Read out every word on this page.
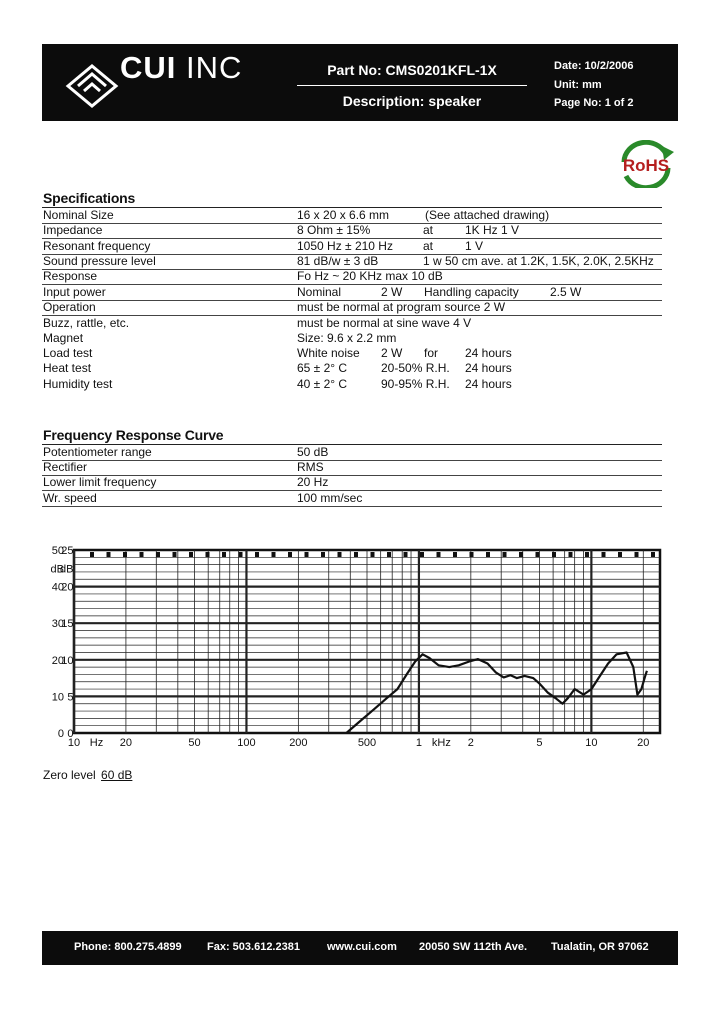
CUI INC	Part No: CMS0201KFL-1X
Description: speaker
Date: 10/2/2006
Unit: mm
Page No: 1 of 2
RoHS
Specifications
Nominal Size	16 x 20 x 6.6 mm	(See attached drawing)
Impedance	8 Ohm ± 15%	at	1K Hz 1 V
Resonant frequency	1050 Hz ± 210 Hz	at	1 V
Sound pressure level	81 dB/w ± 3 dB	1 w 50 cm ave. at 1.2K, 1.5K, 2.0K, 2.5KHz
Response	Fo Hz ~ 20 KHz max 10 dB
Input power	Nominal	2 W Handling capacity	2.5 W
Operation	must be normal at program source 2 W
Buzz, rattle, etc.	must be normal at sine wave 4 V
Magnet	Size: 9.6 x 2.2 mm
Load test	White noise 2 W for 24 hours
Heat test	65 ± 2° C	20-50% R.H. 24 hours
Humidity test	40 ± 2° C	90-95% R.H. 24 hours
Frequency Response Curve
Potentiometer range	50 dB
Rectifier	RMS
Lower limit frequency	20 Hz
Wr. speed	100 mm/sec
10 Hz 20	50	100	200	500	1 kHz 2	5	10	20
50
dB
40
30
20
10
0
25
dB
20
15
10
5
0
Zero level 60 dB
Phone: 800.275.4899 Fax: 503.612.2381 www.cui.com 20050 SW 112th Ave. Tualatin, OR 97062
